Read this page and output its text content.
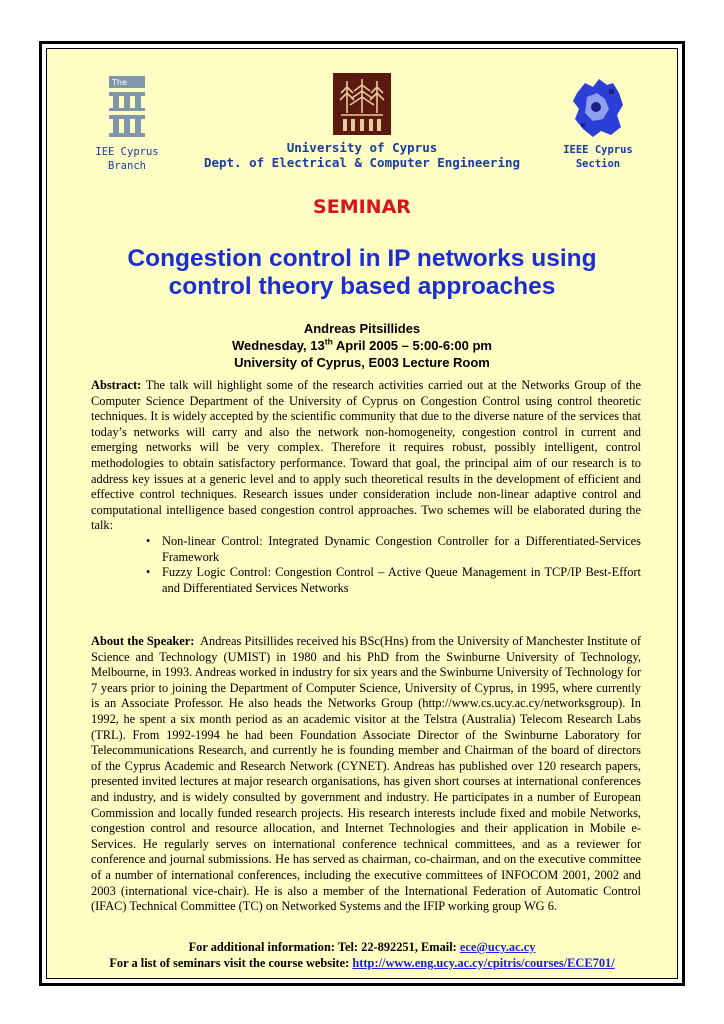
The
IEE Cyprus
Branch
University of Cyprus
Dept. of Electrical & Computer Engineering
IEEE Cyprus
Section
SEMINAR
Congestion control in IP networks using control theory based approaches
Andreas Pitsillides
Wednesday, 13th April 2005 – 5:00-6:00 pm
University of Cyprus, E003 Lecture Room
Abstract: The talk will highlight some of the research activities carried out at the Networks Group of the Computer Science Department of the University of Cyprus on Congestion Control using control theoretic techniques. It is widely accepted by the scientific community that due to the diverse nature of the services that today’s networks will carry and also the network non-homogeneity, congestion control in current and emerging networks will be very complex. Therefore it requires robust, possibly intelligent, control methodologies to obtain satisfactory performance. Toward that goal, the principal aim of our research is to address key issues at a generic level and to apply such theoretical results in the development of efficient and effective control techniques. Research issues under consideration include non-linear adaptive control and computational intelligence based congestion control approaches. Two schemes will be elaborated during the talk:
• Non-linear Control: Integrated Dynamic Congestion Controller for a Differentiated-Services Framework
• Fuzzy Logic Control: Congestion Control – Active Queue Management in TCP/IP Best-Effort and Differentiated Services Networks
About the Speaker: Andreas Pitsillides received his BSc(Hns) from the University of Manchester Institute of Science and Technology (UMIST) in 1980 and his PhD from the Swinburne University of Technology, Melbourne, in 1993. Andreas worked in industry for six years and the Swinburne University of Technology for 7 years prior to joining the Department of Computer Science, University of Cyprus, in 1995, where currently is an Associate Professor. He also heads the Networks Group (http://www.cs.ucy.ac.cy/networksgroup). In 1992, he spent a six month period as an academic visitor at the Telstra (Australia) Telecom Research Labs (TRL). From 1992-1994 he had been Foundation Associate Director of the Swinburne Laboratory for Telecommunications Research, and currently he is founding member and Chairman of the board of directors of the Cyprus Academic and Research Network (CYNET). Andreas has published over 120 research papers, presented invited lectures at major research organisations, has given short courses at international conferences and industry, and is widely consulted by government and industry. He participates in a number of European Commission and locally funded research projects. His research interests include fixed and mobile Networks, congestion control and resource allocation, and Internet Technologies and their application in Mobile e-Services. He regularly serves on international conference technical committees, and as a reviewer for conference and journal submissions. He has served as chairman, co-chairman, and on the executive committee of a number of international conferences, including the executive committees of INFOCOM 2001, 2002 and 2003 (international vice-chair). He is also a member of the International Federation of Automatic Control (IFAC) Technical Committee (TC) on Networked Systems and the IFIP working group WG 6.
For additional information: Tel: 22-892251, Email: ece@ucy.ac.cy
For a list of seminars visit the course website: http://www.eng.ucy.ac.cy/cpitris/courses/ECE701/
